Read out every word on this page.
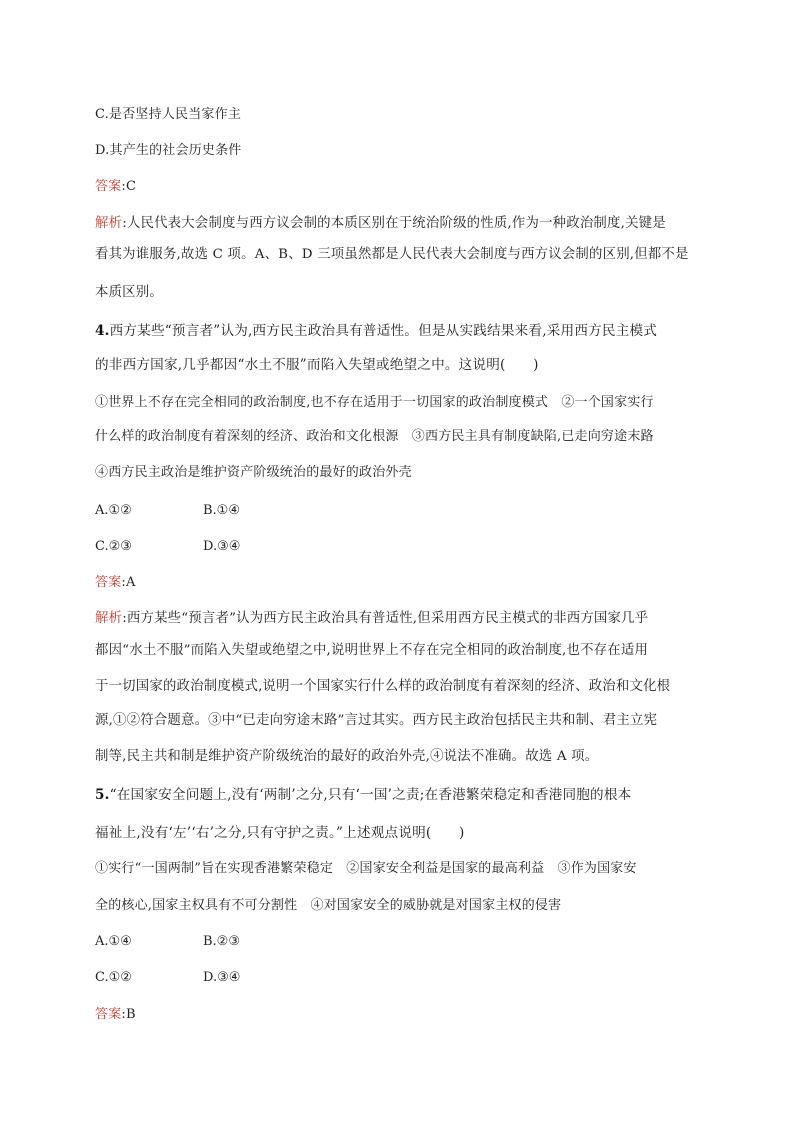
C.是否坚持人民当家作主
D.其产生的社会历史条件
答案:C
解析:人民代表大会制度与西方议会制的本质区别在于统治阶级的性质,作为一种政治制度,关键是
看其为谁服务,故选 C 项。A、B、D 三项虽然都是人民代表大会制度与西方议会制的区别,但都不是
本质区别。
4.西方某些“预言者”认为,西方民主政治具有普适性。但是从实践结果来看,采用西方民主模式
的非西方国家,几乎都因“水土不服”而陷入失望或绝望之中。这说明(　　)
①世界上不存在完全相同的政治制度,也不存在适用于一切国家的政治制度模式　②一个国家实行
什么样的政治制度有着深刻的经济、政治和文化根源　③西方民主具有制度缺陷,已走向穷途末路
④西方民主政治是维护资产阶级统治的最好的政治外壳
A.①②	B.①④
C.②③	D.③④
答案:A
解析:西方某些“预言者”认为西方民主政治具有普适性,但采用西方民主模式的非西方国家几乎
都因“水土不服”而陷入失望或绝望之中,说明世界上不存在完全相同的政治制度,也不存在适用
于一切国家的政治制度模式,说明一个国家实行什么样的政治制度有着深刻的经济、政治和文化根
源,①②符合题意。③中“已走向穷途末路”言过其实。西方民主政治包括民主共和制、君主立宪
制等,民主共和制是维护资产阶级统治的最好的政治外壳,④说法不准确。故选 A 项。
5.“在国家安全问题上,没有‘两制’之分,只有‘一国’之责;在香港繁荣稳定和香港同胞的根本
福祉上,没有‘左’‘右’之分,只有守护之责。”上述观点说明(　　)
①实行“一国两制”旨在实现香港繁荣稳定　②国家安全利益是国家的最高利益　③作为国家安
全的核心,国家主权具有不可分割性　④对国家安全的威胁就是对国家主权的侵害
A.①④	B.②③
C.①②	D.③④
答案:B
